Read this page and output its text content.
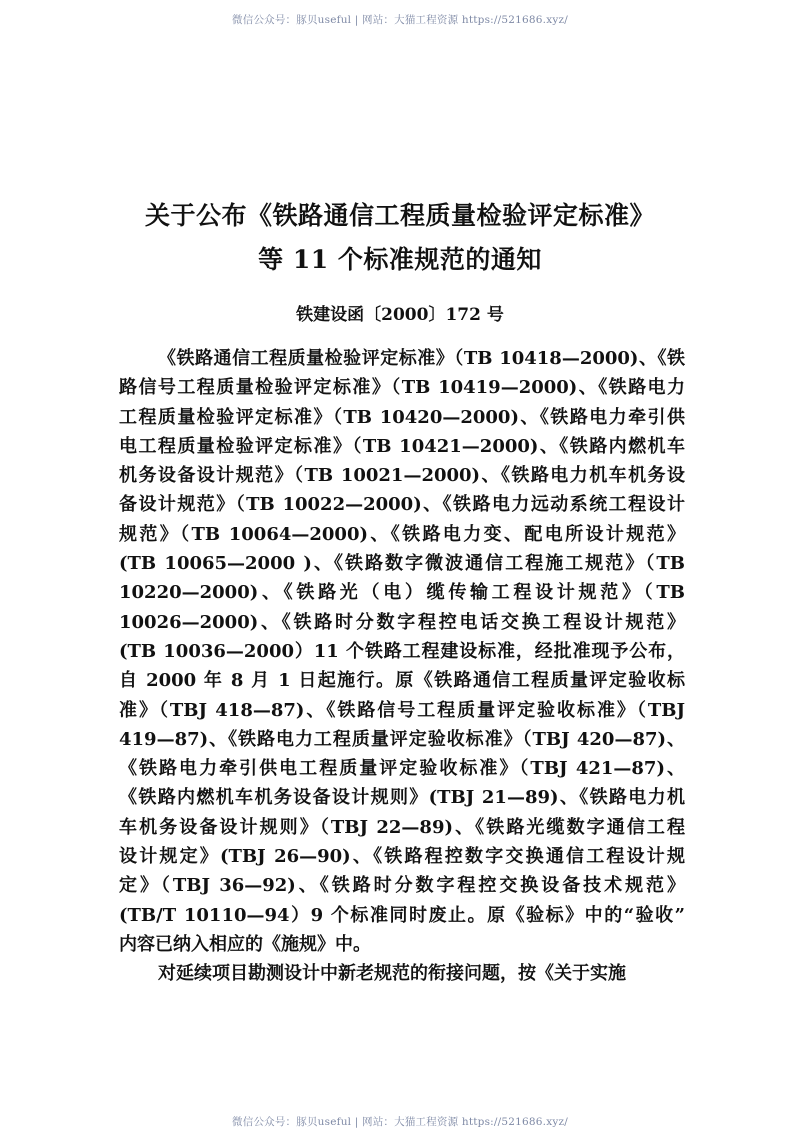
微信公众号：豚贝useful | 网站：大猫工程资源 https://521686.xyz/
关于公布《铁路通信工程质量检验评定标准》
等 11 个标准规范的通知
铁建设函〔2000〕172 号
《铁路通信工程质量检验评定标准》（TB 10418—2000)、《铁
路信号工程质量检验评定标准》（TB 10419—2000)、《铁路电力
工程质量检验评定标准》（TB 10420—2000)、《铁路电力牵引供
电工程质量检验评定标准》（TB 10421—2000)、《铁路内燃机车
机务设备设计规范》（TB 10021—2000)、《铁路电力机车机务设
备设计规范》（TB 10022—2000)、《铁路电力远动系统工程设计
规范》（TB 10064—2000)、《铁路电力变、配电所设计规范》
(TB 10065—2000 )、《铁路数字微波通信工程施工规范》（TB
10220—2000)、《铁路光（电）缆传输工程设计规范》（TB
10026—2000)、《铁路时分数字程控电话交换工程设计规范》
(TB 10036—2000）11 个铁路工程建设标准，经批准现予公布，
自 2000 年 8 月 1 日起施行。原《铁路通信工程质量评定验收标
准》（TBJ 418—87)、《铁路信号工程质量评定验收标准》（TBJ
419—87)、《铁路电力工程质量评定验收标准》（TBJ 420—87)、
《铁路电力牵引供电工程质量评定验收标准》（TBJ 421—87)、
《铁路内燃机车机务设备设计规则》(TBJ 21—89)、《铁路电力机
车机务设备设计规则》（TBJ 22—89)、《铁路光缆数字通信工程
设计规定》(TBJ 26—90)、《铁路程控数字交换通信工程设计规
定》（TBJ 36—92)、《铁路时分数字程控交换设备技术规范》
(TB/T 10110—94）9 个标准同时废止。原《验标》中的“验收”
内容已纳入相应的《施规》中。
对延续项目勘测设计中新老规范的衔接问题，按《关于实施
微信公众号：豚贝useful | 网站：大猫工程资源 https://521686.xyz/
